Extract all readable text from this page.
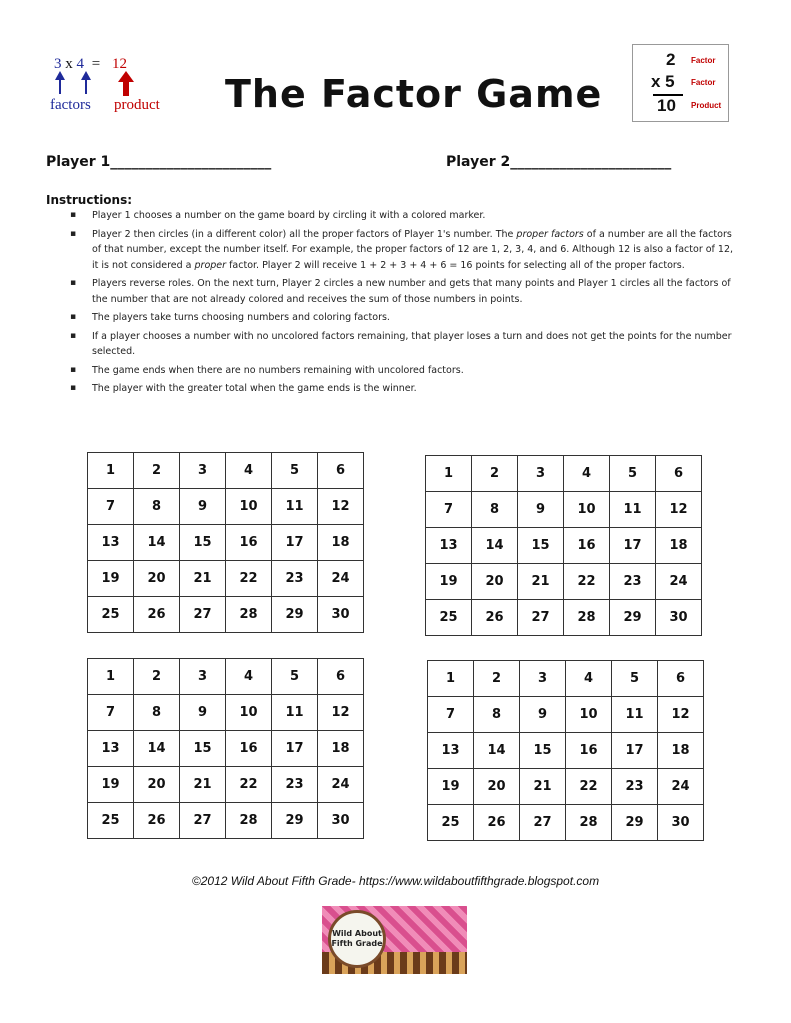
3 x 4 = 12
factors product The Factor Game
2
x 5
10
Factor
Factor
Product
Player 1_______________________	Player 2_______________________
Instructions:
▪ Player 1 chooses a number on the game board by circling it with a colored marker.
▪ Player 2 then circles (in a different color) all the proper factors of Player 1's number. The proper factors of a number are all the factors of that number, except the number itself. For example, the proper factors of 12 are 1, 2, 3, 4, and 6. Although 12 is also a factor of 12, it is not considered a proper factor. Player 2 will receive 1 + 2 + 3 + 4 + 6 = 16 points for selecting all of the proper factors.
▪ Players reverse roles. On the next turn, Player 2 circles a new number and gets that many points and Player 1 circles all the factors of the number that are not already colored and receives the sum of those numbers in points.
▪ The players take turns choosing numbers and coloring factors.
▪ If a player chooses a number with no uncolored factors remaining, that player loses a turn and does not get the points for the number selected.
▪ The game ends when there are no numbers remaining with uncolored factors.
▪ The player with the greater total when the game ends is the winner.
1	2	3	4	5	6
7	8	9	10	11	12
13	14	15	16	17	18
19	20	21	22	23	24
25	26	27	28	29	30
1	2	3	4	5	6
7	8	9	10	11	12
13	14	15	16	17	18
19	20	21	22	23	24
25	26	27	28	29	30
1	2	3	4	5	6
7	8	9	10	11	12
13	14	15	16	17	18
19	20	21	22	23	24
25	26	27	28	29	30
1	2	3	4	5	6
7	8	9	10	11	12
13	14	15	16	17	18
19	20	21	22	23	24
25	26	27	28	29	30
©2012 Wild About Fifth Grade- https://www.wildaboutfifthgrade.blogspot.com
Wild About Fifth Grade
